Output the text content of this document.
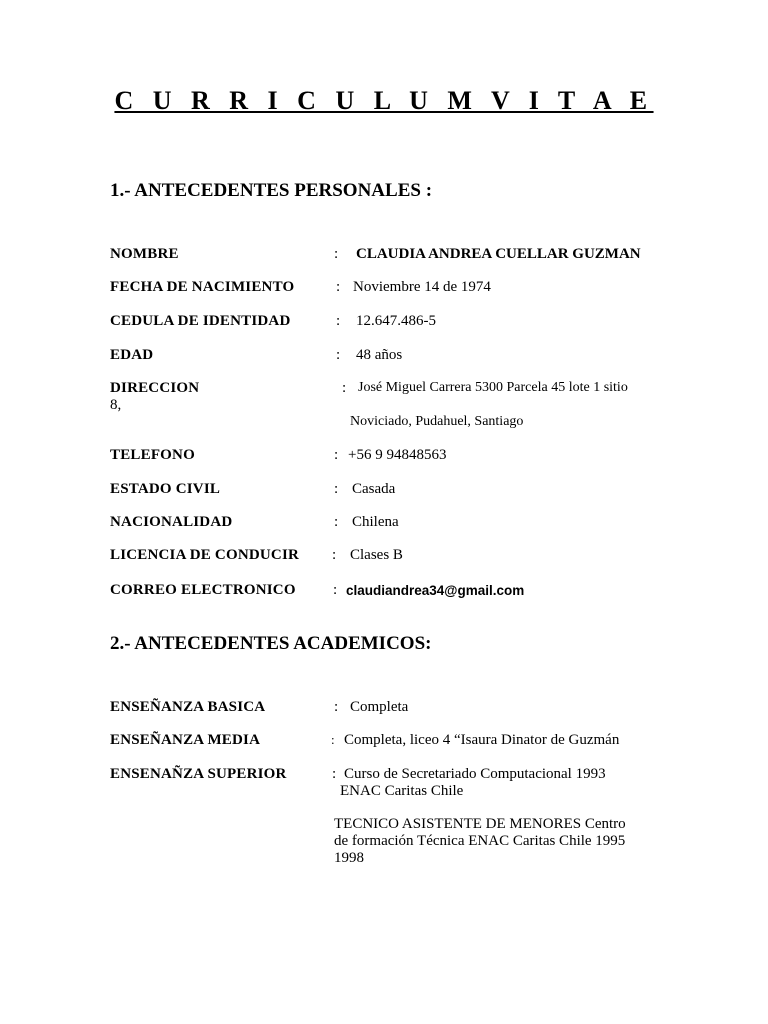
C U R R I C U L U M V I T A E
1.- ANTECEDENTES PERSONALES :
NOMBRE	: CLAUDIA ANDREA CUELLAR GUZMAN
FECHA DE NACIMIENTO	: Noviembre 14 de 1974
CEDULA DE IDENTIDAD	: 12.647.486-5
EDAD	: 48 años
DIRECCION	: José Miguel Carrera 5300 Parcela 45 lote 1 sitio
8,
Noviciado, Pudahuel, Santiago
TELEFONO	: +56 9 94848563
ESTADO CIVIL	: Casada
NACIONALIDAD	: Chilena
LICENCIA DE CONDUCIR : Clases B
CORREO ELECTRONICO : claudiandrea34@gmail.com
2.- ANTECEDENTES ACADEMICOS:
ENSEÑANZA BASICA	: Completa
ENSEÑANZA MEDIA	: Completa, liceo 4 “Isaura Dinator de Guzmán
ENSENAÑZA SUPERIOR	: Curso de Secretariado Computacional 1993
ENAC Caritas Chile
TECNICO ASISTENTE DE MENORES Centro
de formación Técnica ENAC Caritas Chile 1995
1998
